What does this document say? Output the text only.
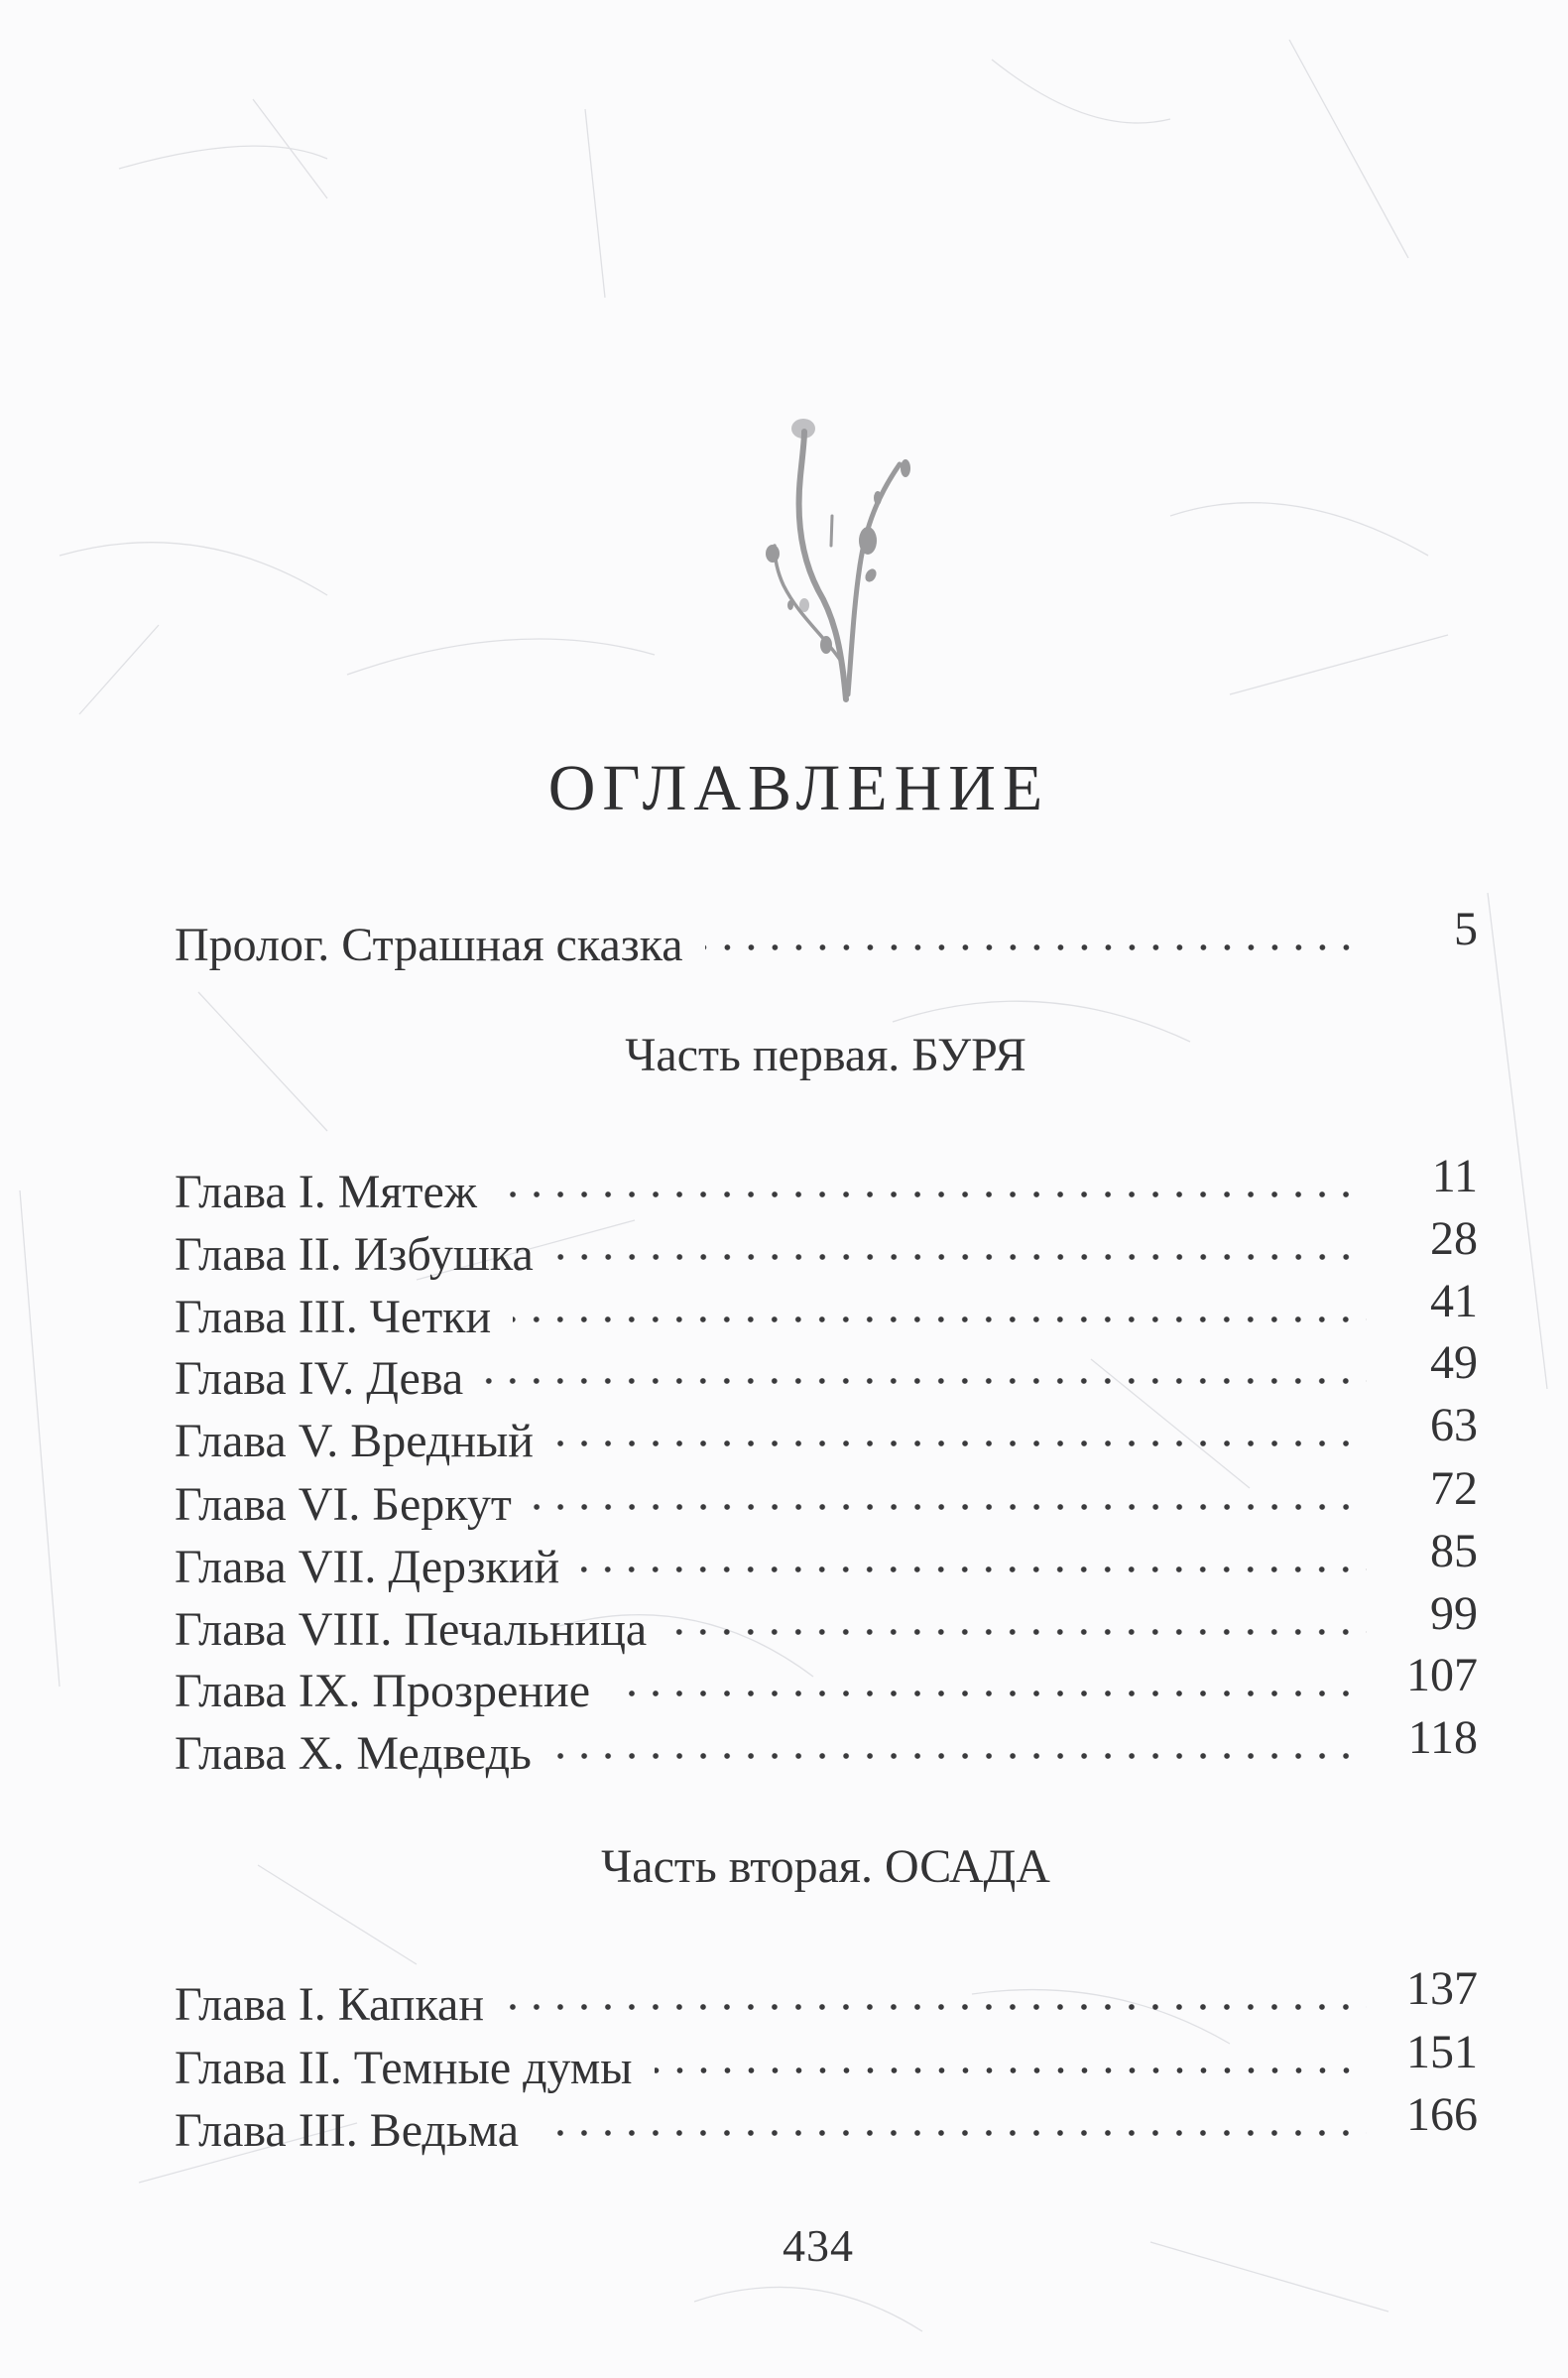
ОГЛАВЛЕНИЕ
Пролог. Страшная сказка	5
Часть первая. БУРЯ
Глава I. Мятеж	11
Глава II. Избушка	28
Глава III. Четки	41
Глава IV. Дева	49
Глава V. Вредный	63
Глава VI. Беркут	72
Глава VII. Дерзкий	85
Глава VIII. Печальница	99
Глава IX. Прозрение	107
Глава X. Медведь	118
Часть вторая. ОСАДА
Глава I. Капкан	137
Глава II. Темные думы	151
Глава III. Ведьма	166
434
